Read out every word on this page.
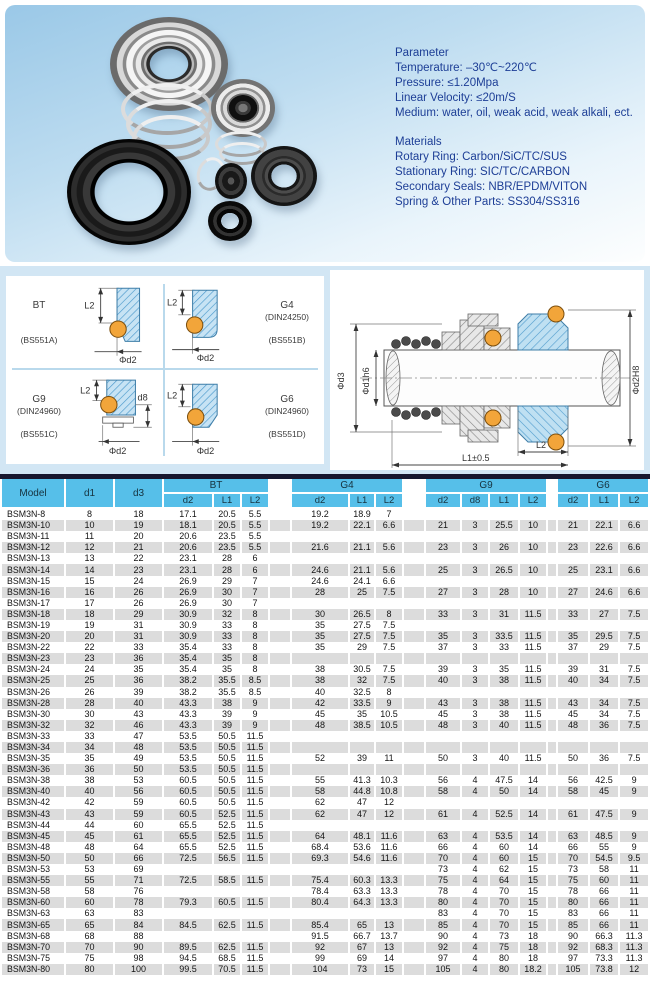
Parameter
Temperature: –30℃~220℃
Pressure: ≤1.20Mpa
Linear Velocity: ≤20m/S
Medium: water, oil, weak acid, weak alkali, ect.
Materials
Rotary Ring: Carbon/SiC/TC/SUS
Stationary Ring: SIC/TC/CARBON
Secondary Seals: NBR/EPDM/VITON
Spring & Other Parts: SS304/SS316
BT
(BS551A)
L2
Φd2
L2
Φd2
G4
(DIN24250)
(BS551B)
G9
(DIN24960)
(BS551C)
L2
d8
Φd2
L2
Φd2
G6
(DIN24960)
(BS551D)
Φd3 Φd1h6	Φd2H8
L2
L1±0.5
Model	d1	d3	BT				G4				G9					G6		
			d2	L1	L2		d2	L1	L2		d2	d8	L1	L2		d2	L1	L2
BSM3N-8	8	18	17.1	20.5	5.5		19.2	18.9	7									
BSM3N-10	10	19	18.1	20.5	5.5		19.2	22.1	6.6		21	3	25.5	10		21	22.1	6.6
BSM3N-11	11	20	20.6	23.5	5.5													
BSM3N-12	12	21	20.6	23.5	5.5		21.6	21.1	5.6		23	3	26	10		23	22.6	6.6
BSM3N-13	13	22	23.1	28	6													
BSM3N-14	14	23	23.1	28	6		24.6	21.1	5.6		25	3	26.5	10		25	23.1	6.6
BSM3N-15	15	24	26.9	29	7		24.6	24.1	6.6									
BSM3N-16	16	26	26.9	30	7		28	25	7.5		27	3	28	10		27	24.6	6.6
BSM3N-17	17	26	26.9	30	7													
BSM3N-18	18	29	30.9	32	8		30	26.5	8		33	3	31	11.5		33	27	7.5
BSM3N-19	19	31	30.9	33	8		35	27.5	7.5									
BSM3N-20	20	31	30.9	33	8		35	27.5	7.5		35	3	33.5	11.5		35	29.5	7.5
BSM3N-22	22	33	35.4	33	8		35	29	7.5		37	3	33	11.5		37	29	7.5
BSM3N-23	23	36	35.4	35	8													
BSM3N-24	24	35	35.4	35	8		38	30.5	7.5		39	3	35	11.5		39	31	7.5
BSM3N-25	25	36	38.2	35.5	8.5		38	32	7.5		40	3	38	11.5		40	34	7.5
BSM3N-26	26	39	38.2	35.5	8.5		40	32.5	8									
BSM3N-28	28	40	43.3	38	9		42	33.5	9		43	3	38	11.5		43	34	7.5
BSM3N-30	30	43	43.3	39	9		45	35	10.5		45	3	38	11.5		45	34	7.5
BSM3N-32	32	46	43.3	39	9		48	38.5	10.5		48	3	40	11.5		48	36	7.5
BSM3N-33	33	47	53.5	50.5	11.5													
BSM3N-34	34	48	53.5	50.5	11.5													
BSM3N-35	35	49	53.5	50.5	11.5		52	39	11		50	3	40	11.5		50	36	7.5
BSM3N-36	36	50	53.5	50.5	11.5													
BSM3N-38	38	53	60.5	50.5	11.5		55	41.3	10.3		56	4	47.5	14		56	42.5	9
BSM3N-40	40	56	60.5	50.5	11.5		58	44.8	10.8		58	4	50	14		58	45	9
BSM3N-42	42	59	60.5	50.5	11.5		62	47	12									
BSM3N-43	43	59	60.5	52.5	11.5		62	47	12		61	4	52.5	14		61	47.5	9
BSM3N-44	44	60	65.5	52.5	11.5													
BSM3N-45	45	61	65.5	52.5	11.5		64	48.1	11.6		63	4	53.5	14		63	48.5	9
BSM3N-48	48	64	65.5	52.5	11.5		68.4	53.6	11.6		66	4	60	14		66	55	9
BSM3N-50	50	66	72.5	56.5	11.5		69.3	54.6	11.6		70	4	60	15		70	54.5	9.5
BSM3N-53	53	69									73	4	62	15		73	58	11
BSM3N-55	55	71	72.5	58.5	11.5		75.4	60.3	13.3		75	4	64	15		75	60	11
BSM3N-58	58	76					78.4	63.3	13.3		78	4	70	15		78	66	11
BSM3N-60	60	78	79.3	60.5	11.5		80.4	64.3	13.3		80	4	70	15		80	66	11
BSM3N-63	63	83									83	4	70	15		83	66	11
BSM3N-65	65	84	84.5	62.5	11.5		85.4	65	13		85	4	70	15		85	66	11
BSM3N-68	68	88					91.5	66.7	13.7		90	4	73	18		90	66.3	11.3
BSM3N-70	70	90	89.5	62.5	11.5		92	67	13		92	4	75	18		92	68.3	11.3
BSM3N-75	75	98	94.5	68.5	11.5		99	69	14		97	4	80	18		97	73.3	11.3
BSM3N-80	80	100	99.5	70.5	11.5		104	73	15		105	4	80	18.2		105	73.8	12
